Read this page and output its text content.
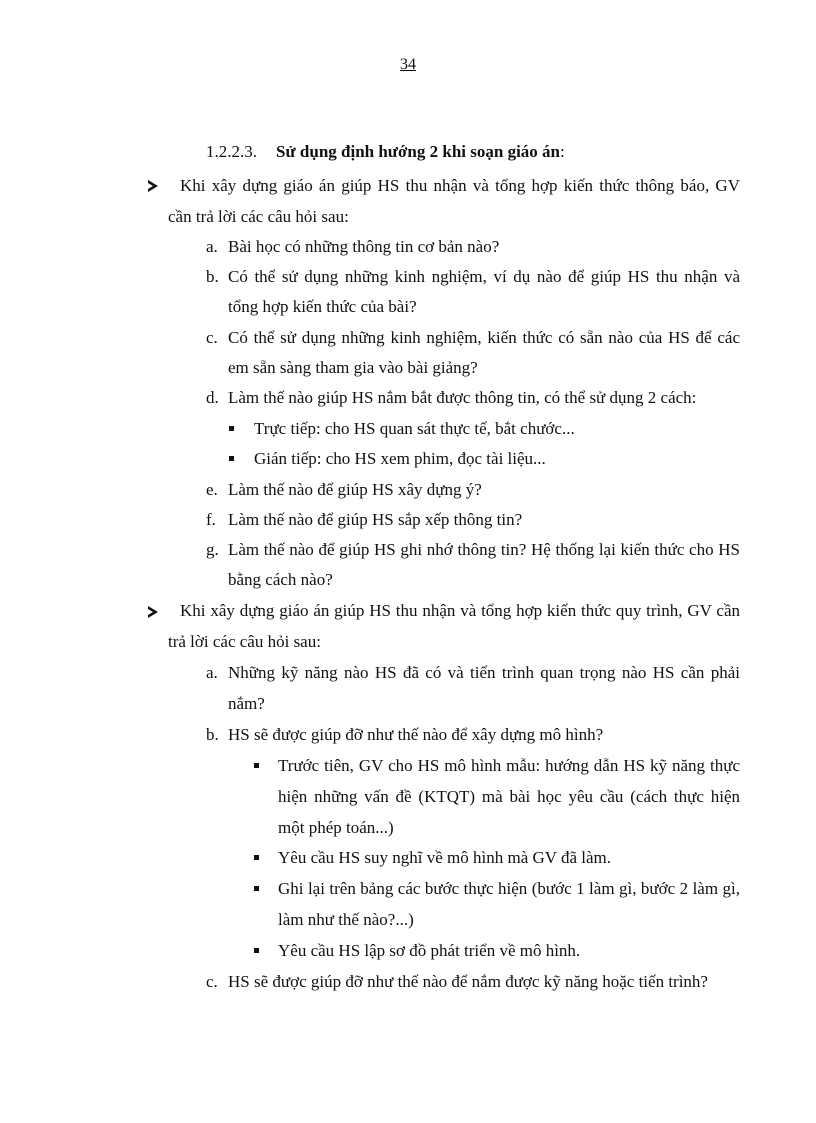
34
1.2.2.3. Sử dụng định hướng 2 khi soạn giáo án:
Khi xây dựng giáo án giúp HS thu nhận và tổng hợp kiến thức thông báo, GV
cần trả lời các câu hỏi sau:
a. Bài học có những thông tin cơ bản nào?
b. Có thể sử dụng những kinh nghiệm, ví dụ nào để giúp HS thu nhận và
tổng hợp kiến thức của bài?
c. Có thể sử dụng những kinh nghiệm, kiến thức có sẵn nào của HS để các
em sẵn sàng tham gia vào bài giảng?
d. Làm thế nào giúp HS nắm bắt được thông tin, có thể sử dụng 2 cách:
Trực tiếp: cho HS quan sát thực tế, bắt chước...
Gián tiếp: cho HS xem phim, đọc tài liệu...
e. Làm thế nào để giúp HS xây dựng ý?
f. Làm thế nào để giúp HS sắp xếp thông tin?
g. Làm thế nào để giúp HS ghi nhớ thông tin? Hệ thống lại kiến thức cho HS
bằng cách nào?
Khi xây dựng giáo án giúp HS thu nhận và tổng hợp kiến thức quy trình, GV cần
trả lời các câu hỏi sau:
a. Những kỹ năng nào HS đã có và tiến trình quan trọng nào HS cần phải
nắm?
b. HS sẽ được giúp đỡ như thế nào để xây dựng mô hình?
Trước tiên, GV cho HS mô hình mẫu: hướng dẫn HS kỹ năng thực
hiện những vấn đề (KTQT) mà bài học yêu cầu (cách thực hiện
một phép toán...)
Yêu cầu HS suy nghĩ về mô hình mà GV đã làm.
Ghi lại trên bảng các bước thực hiện (bước 1 làm gì, bước 2 làm gì,
làm như thế nào?...)
Yêu cầu HS lập sơ đồ phát triển về mô hình.
c. HS sẽ được giúp đỡ như thế nào để nắm được kỹ năng hoặc tiến trình?
